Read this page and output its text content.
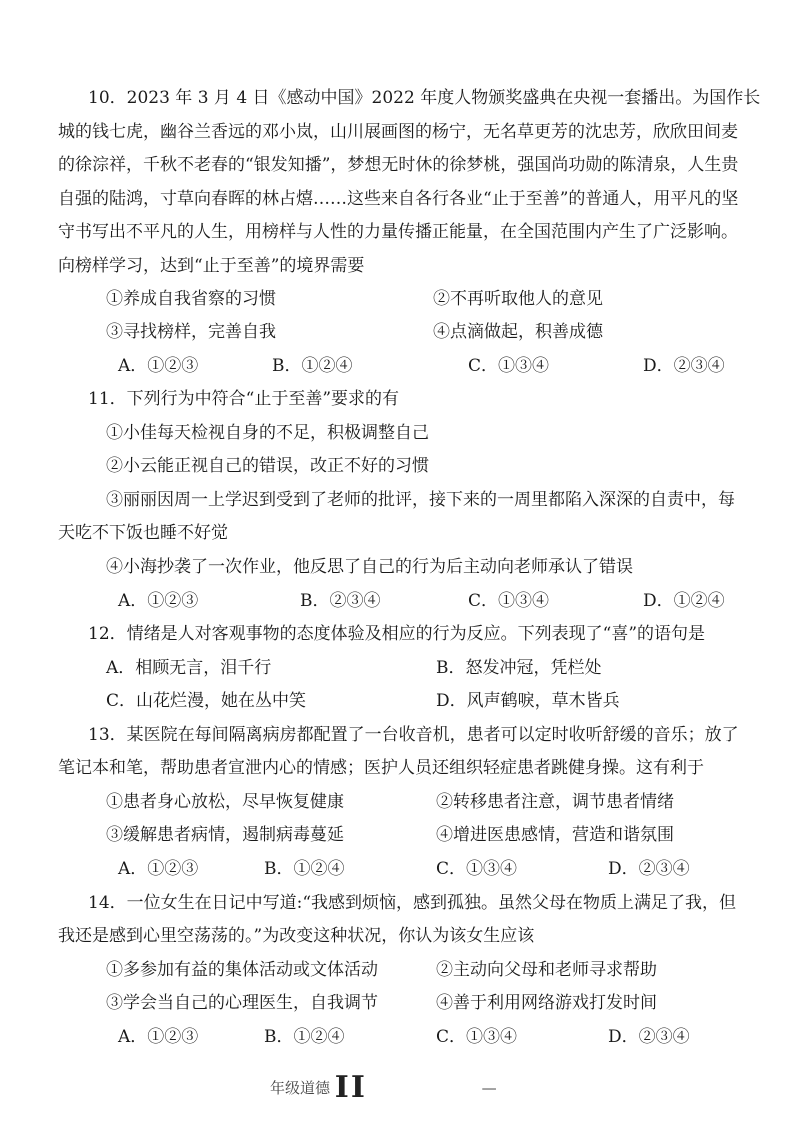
10．2023 年 3 月 4 日《感动中国》2022 年度人物颁奖盛典在央视一套播出。为国作长
城的钱七虎，幽谷兰香远的邓小岚，山川展画图的杨宁，无名草更芳的沈忠芳，欣欣田间麦
的徐淙祥，千秋不老春的“银发知播”，梦想无时休的徐梦桃，强国尚功勋的陈清泉，人生贵
自强的陆鸿，寸草向春晖的林占熺……这些来自各行各业“止于至善”的普通人，用平凡的坚
守书写出不平凡的人生，用榜样与人性的力量传播正能量，在全国范围内产生了广泛影响。
向榜样学习，达到“止于至善”的境界需要
①养成自我省察的习惯	②不再听取他人的意见
③寻找榜样，完善自我	④点滴做起，积善成德
A．①②③	B．①②④	C．①③④	D．②③④
11．下列行为中符合“止于至善”要求的有
①小佳每天检视自身的不足，积极调整自己
②小云能正视自己的错误，改正不好的习惯
③丽丽因周一上学迟到受到了老师的批评，接下来的一周里都陷入深深的自责中，每
天吃不下饭也睡不好觉
④小海抄袭了一次作业，他反思了自己的行为后主动向老师承认了错误
A．①②③	B．②③④	C．①③④	D．①②④
12．情绪是人对客观事物的态度体验及相应的行为反应。下列表现了“喜”的语句是
A．相顾无言，泪千行	B．怒发冲冠，凭栏处
C．山花烂漫，她在丛中笑	D．风声鹤唳，草木皆兵
13．某医院在每间隔离病房都配置了一台收音机，患者可以定时收听舒缓的音乐；放了
笔记本和笔，帮助患者宣泄内心的情感；医护人员还组织轻症患者跳健身操。这有利于
①患者身心放松，尽早恢复健康	②转移患者注意，调节患者情绪
③缓解患者病情，遏制病毒蔓延	④增进医患感情，营造和谐氛围
A．①②③	B．①②④	C．①③④	D．②③④
14．一位女生在日记中写道:“我感到烦恼，感到孤独。虽然父母在物质上满足了我，但
我还是感到心里空荡荡的。”为改变这种状况，你认为该女生应该
①多参加有益的集体活动或文体活动	②主动向父母和老师寻求帮助
③学会当自己的心理医生，自我调节	④善于利用网络游戏打发时间
A．①②③	B．①②④	C．①③④	D．②③④
年级道德 II	—
